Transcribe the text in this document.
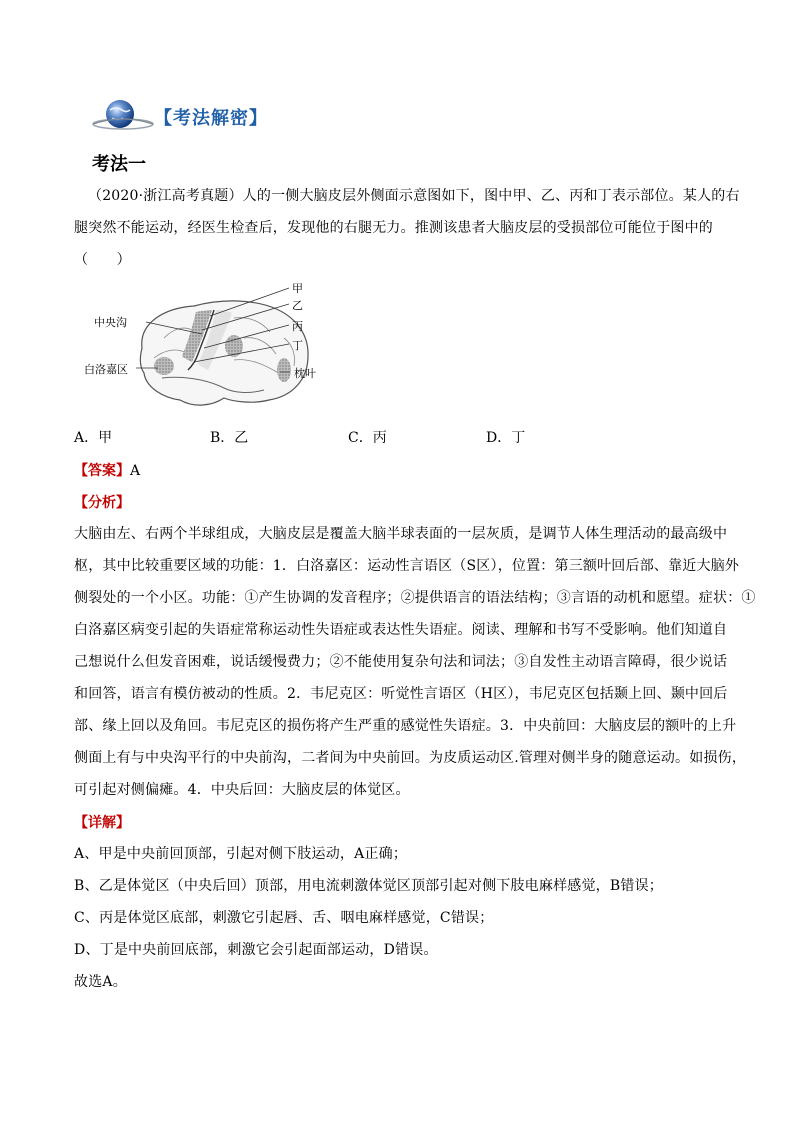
【考法解密】
考法一
（2020·浙江高考真题）人的一侧大脑皮层外侧面示意图如下，图中甲、乙、丙和丁表示部位。某人的右
腿突然不能运动，经医生检查后，发现他的右腿无力。推测该患者大脑皮层的受损部位可能位于图中的
（　　）
甲
乙
丙
丁
中央沟
白洛嘉区	枕叶
A．甲	B．乙	C．丙	D．丁
【答案】A
【分析】
大脑由左、右两个半球组成，大脑皮层是覆盖大脑半球表面的一层灰质，是调节人体生理活动的最高级中
枢，其中比较重要区域的功能：1．白洛嘉区：运动性言语区（S区），位置：第三额叶回后部、靠近大脑外
侧裂处的一个小区。功能：①产生协调的发音程序；②提供语言的语法结构；③言语的动机和愿望。症状：①
白洛嘉区病变引起的失语症常称运动性失语症或表达性失语症。阅读、理解和书写不受影响。他们知道自
己想说什么但发音困难，说话缓慢费力；②不能使用复杂句法和词法；③自发性主动语言障碍，很少说话
和回答，语言有模仿被动的性质。2．韦尼克区：听觉性言语区（H区），韦尼克区包括颞上回、颞中回后
部、缘上回以及角回。韦尼克区的损伤将产生严重的感觉性失语症。3．中央前回：大脑皮层的额叶的上升
侧面上有与中央沟平行的中央前沟，二者间为中央前回。为皮质运动区.管理对侧半身的随意运动。如损伤，
可引起对侧偏瘫。4．中央后回：大脑皮层的体觉区。
【详解】
A、甲是中央前回顶部，引起对侧下肢运动，A正确；
B、乙是体觉区（中央后回）顶部，用电流刺激体觉区顶部引起对侧下肢电麻样感觉，B错误；
C、丙是体觉区底部，刺激它引起唇、舌、咽电麻样感觉，C错误；
D、丁是中央前回底部，刺激它会引起面部运动，D错误。
故选A。
